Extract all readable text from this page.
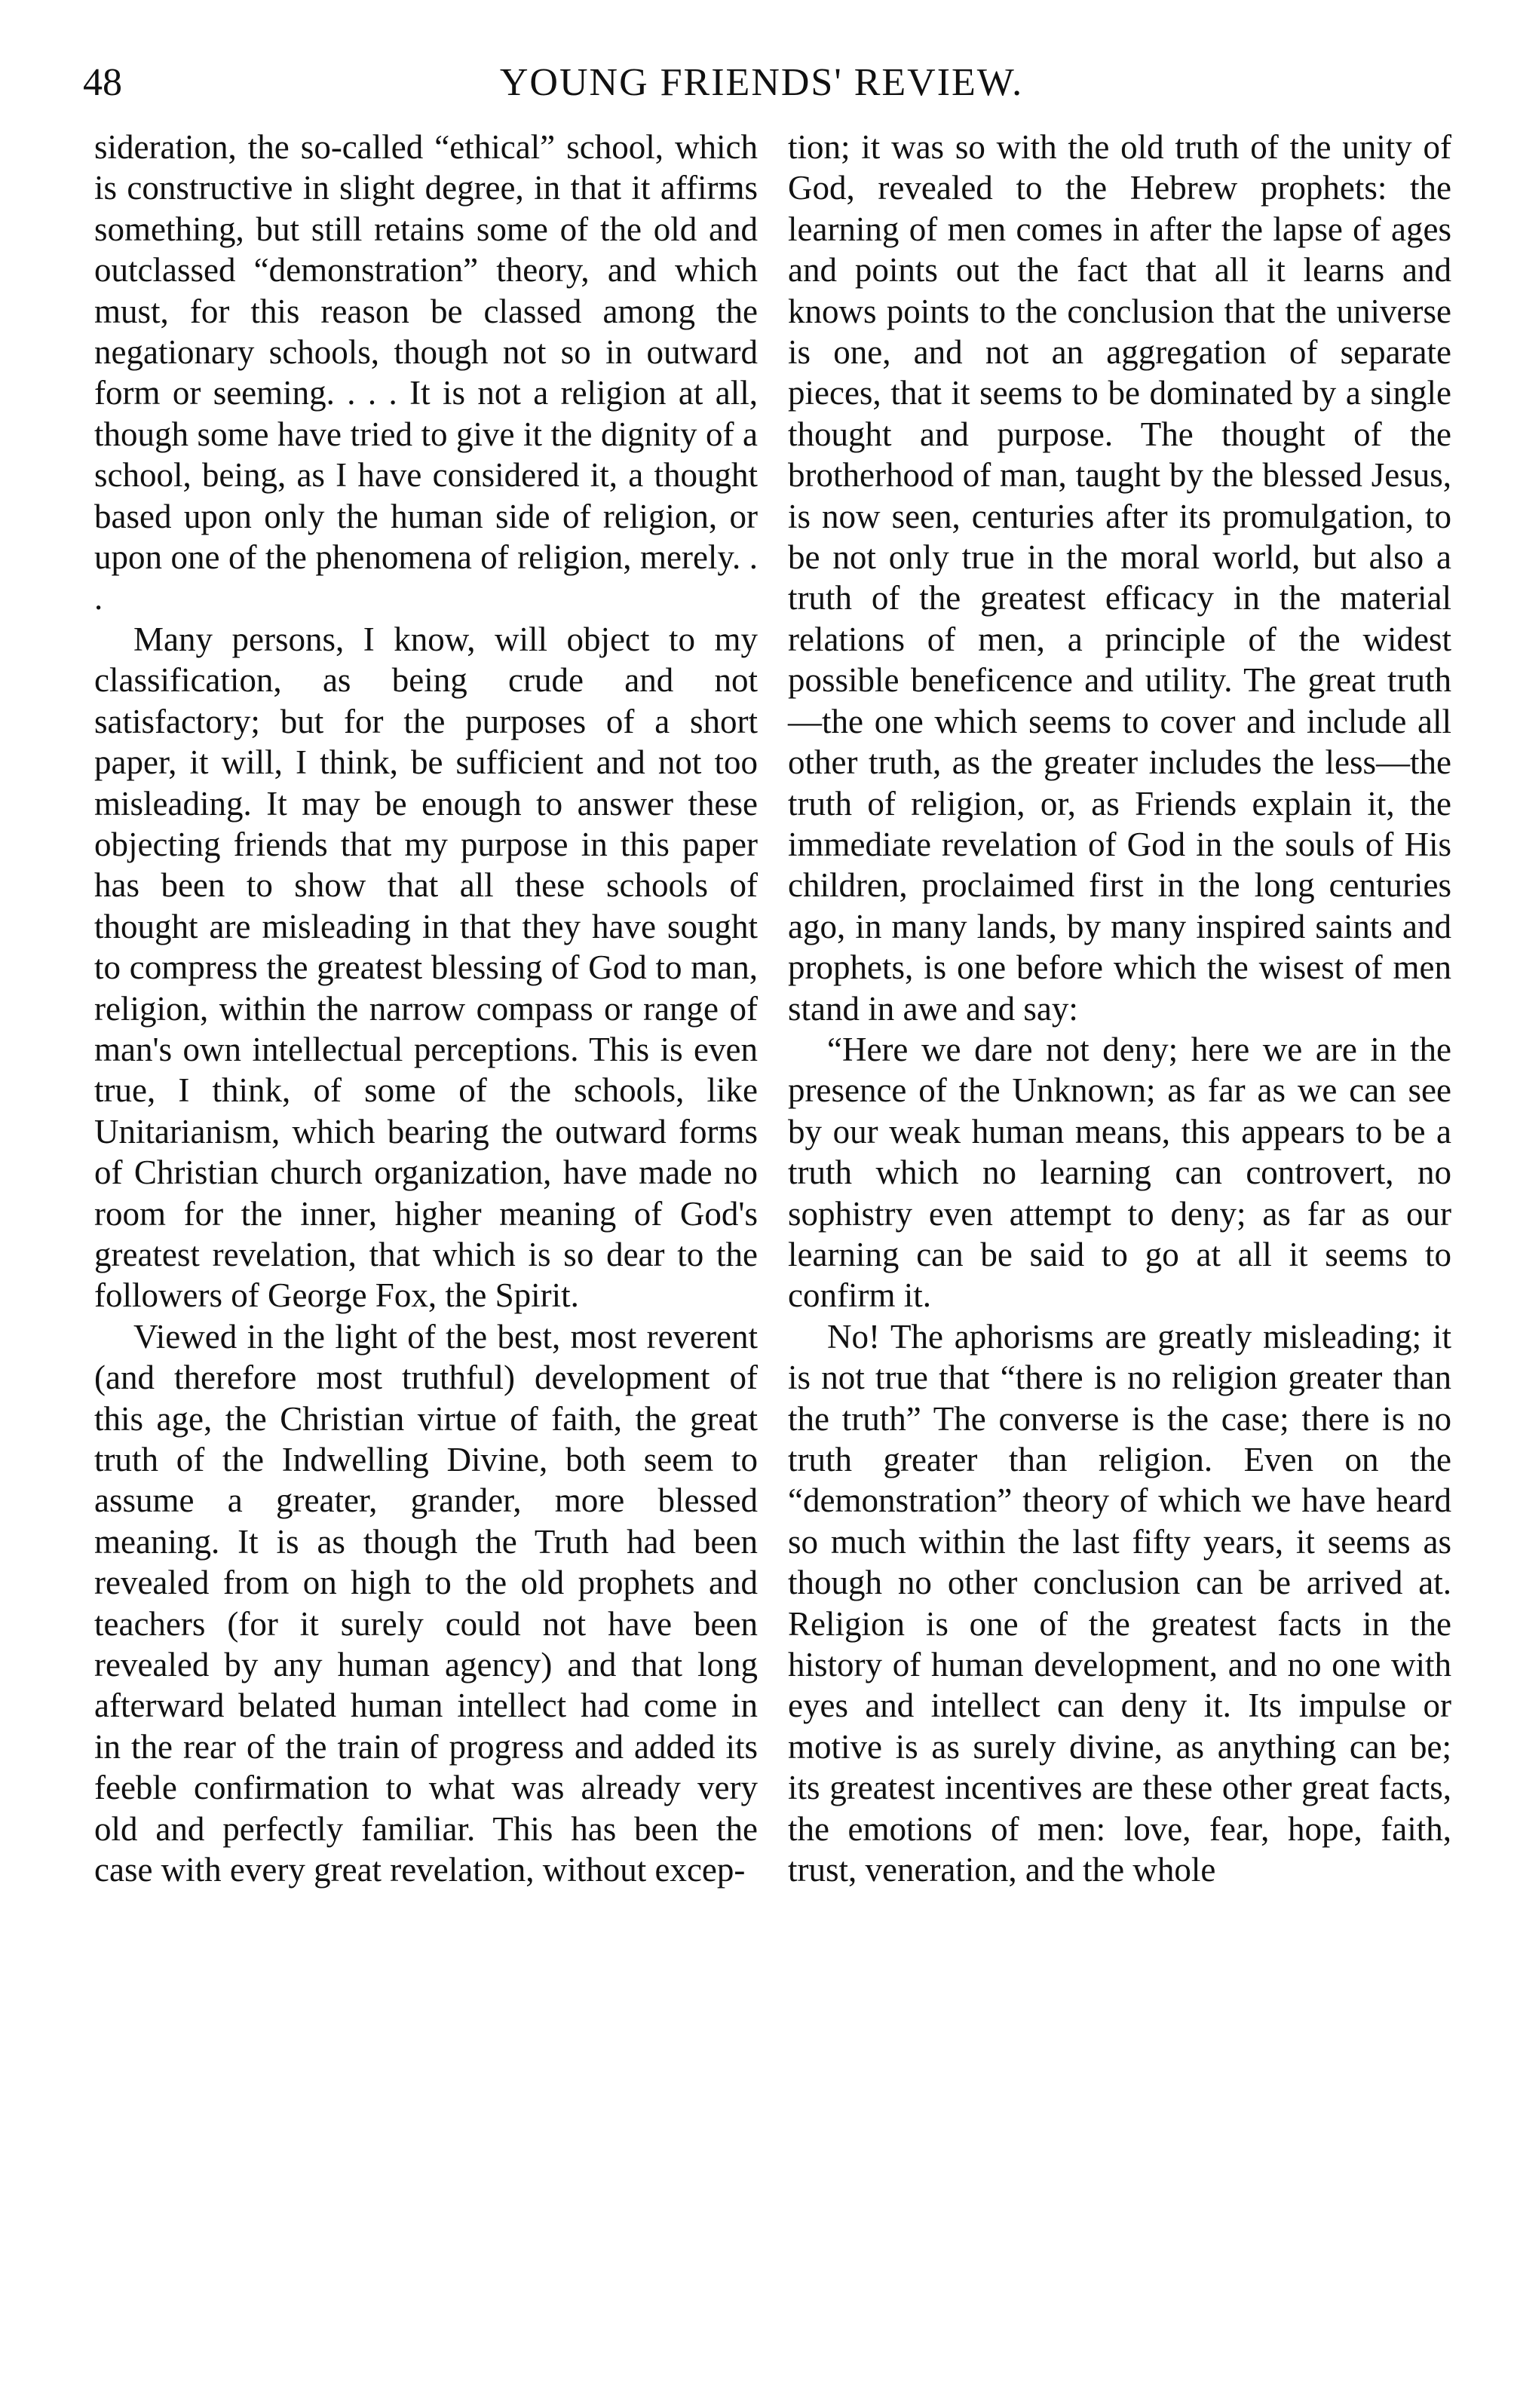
48	YOUNG FRIENDS' REVIEW.

sideration, the so-called “ethical” school, which is constructive in slight degree, in that it affirms something, but still retains some of the old and outclassed “demonstration” theory, and which must, for this reason be classed among the negationary schools, though not so in outward form or seeming. . . . It is not a religion at all, though some have tried to give it the dignity of a school, being, as I have considered it, a thought based upon only the human side of religion, or upon one of the phenomena of religion, merely. . .

Many persons, I know, will object to my classification, as being crude and not satisfactory; but for the purposes of a short paper, it will, I think, be sufficient and not too misleading. It may be enough to answer these objecting friends that my purpose in this paper has been to show that all these schools of thought are misleading in that they have sought to compress the greatest blessing of God to man, religion, within the narrow compass or range of man's own intellectual perceptions. This is even true, I think, of some of the schools, like Unitarianism, which bearing the outward forms of Christian church organization, have made no room for the inner, higher meaning of God's greatest revelation, that which is so dear to the followers of George Fox, the Spirit.

Viewed in the light of the best, most reverent (and therefore most truthful) development of this age, the Christian virtue of faith, the great truth of the Indwelling Divine, both seem to assume a greater, grander, more blessed meaning. It is as though the Truth had been revealed from on high to the old prophets and teachers (for it surely could not have been revealed by any human agency) and that long afterward belated human intellect had come in in the rear of the train of progress and added its feeble confirmation to what was already very old and perfectly familiar. This has been the case with every great revelation, without excep-

tion; it was so with the old truth of the unity of God, revealed to the Hebrew prophets: the learning of men comes in after the lapse of ages and points out the fact that all it learns and knows points to the conclusion that the universe is one, and not an aggregation of separate pieces, that it seems to be dominated by a single thought and purpose. The thought of the brotherhood of man, taught by the blessed Jesus, is now seen, centuries after its promulgation, to be not only true in the moral world, but also a truth of the greatest efficacy in the material relations of men, a principle of the widest possible beneficence and utility. The great truth—the one which seems to cover and include all other truth, as the greater includes the less—the truth of religion, or, as Friends explain it, the immediate revelation of God in the souls of His children, proclaimed first in the long centuries ago, in many lands, by many inspired saints and prophets, is one before which the wisest of men stand in awe and say:

“Here we dare not deny; here we are in the presence of the Unknown; as far as we can see by our weak human means, this appears to be a truth which no learning can controvert, no sophistry even attempt to deny; as far as our learning can be said to go at all it seems to confirm it.

No! The aphorisms are greatly misleading; it is not true that “there is no religion greater than the truth” The converse is the case; there is no truth greater than religion. Even on the “demonstration” theory of which we have heard so much within the last fifty years, it seems as though no other conclusion can be arrived at. Religion is one of the greatest facts in the history of human development, and no one with eyes and intellect can deny it. Its impulse or motive is as surely divine, as anything can be; its greatest incentives are these other great facts, the emotions of men: love, fear, hope, faith, trust, veneration, and the whole
